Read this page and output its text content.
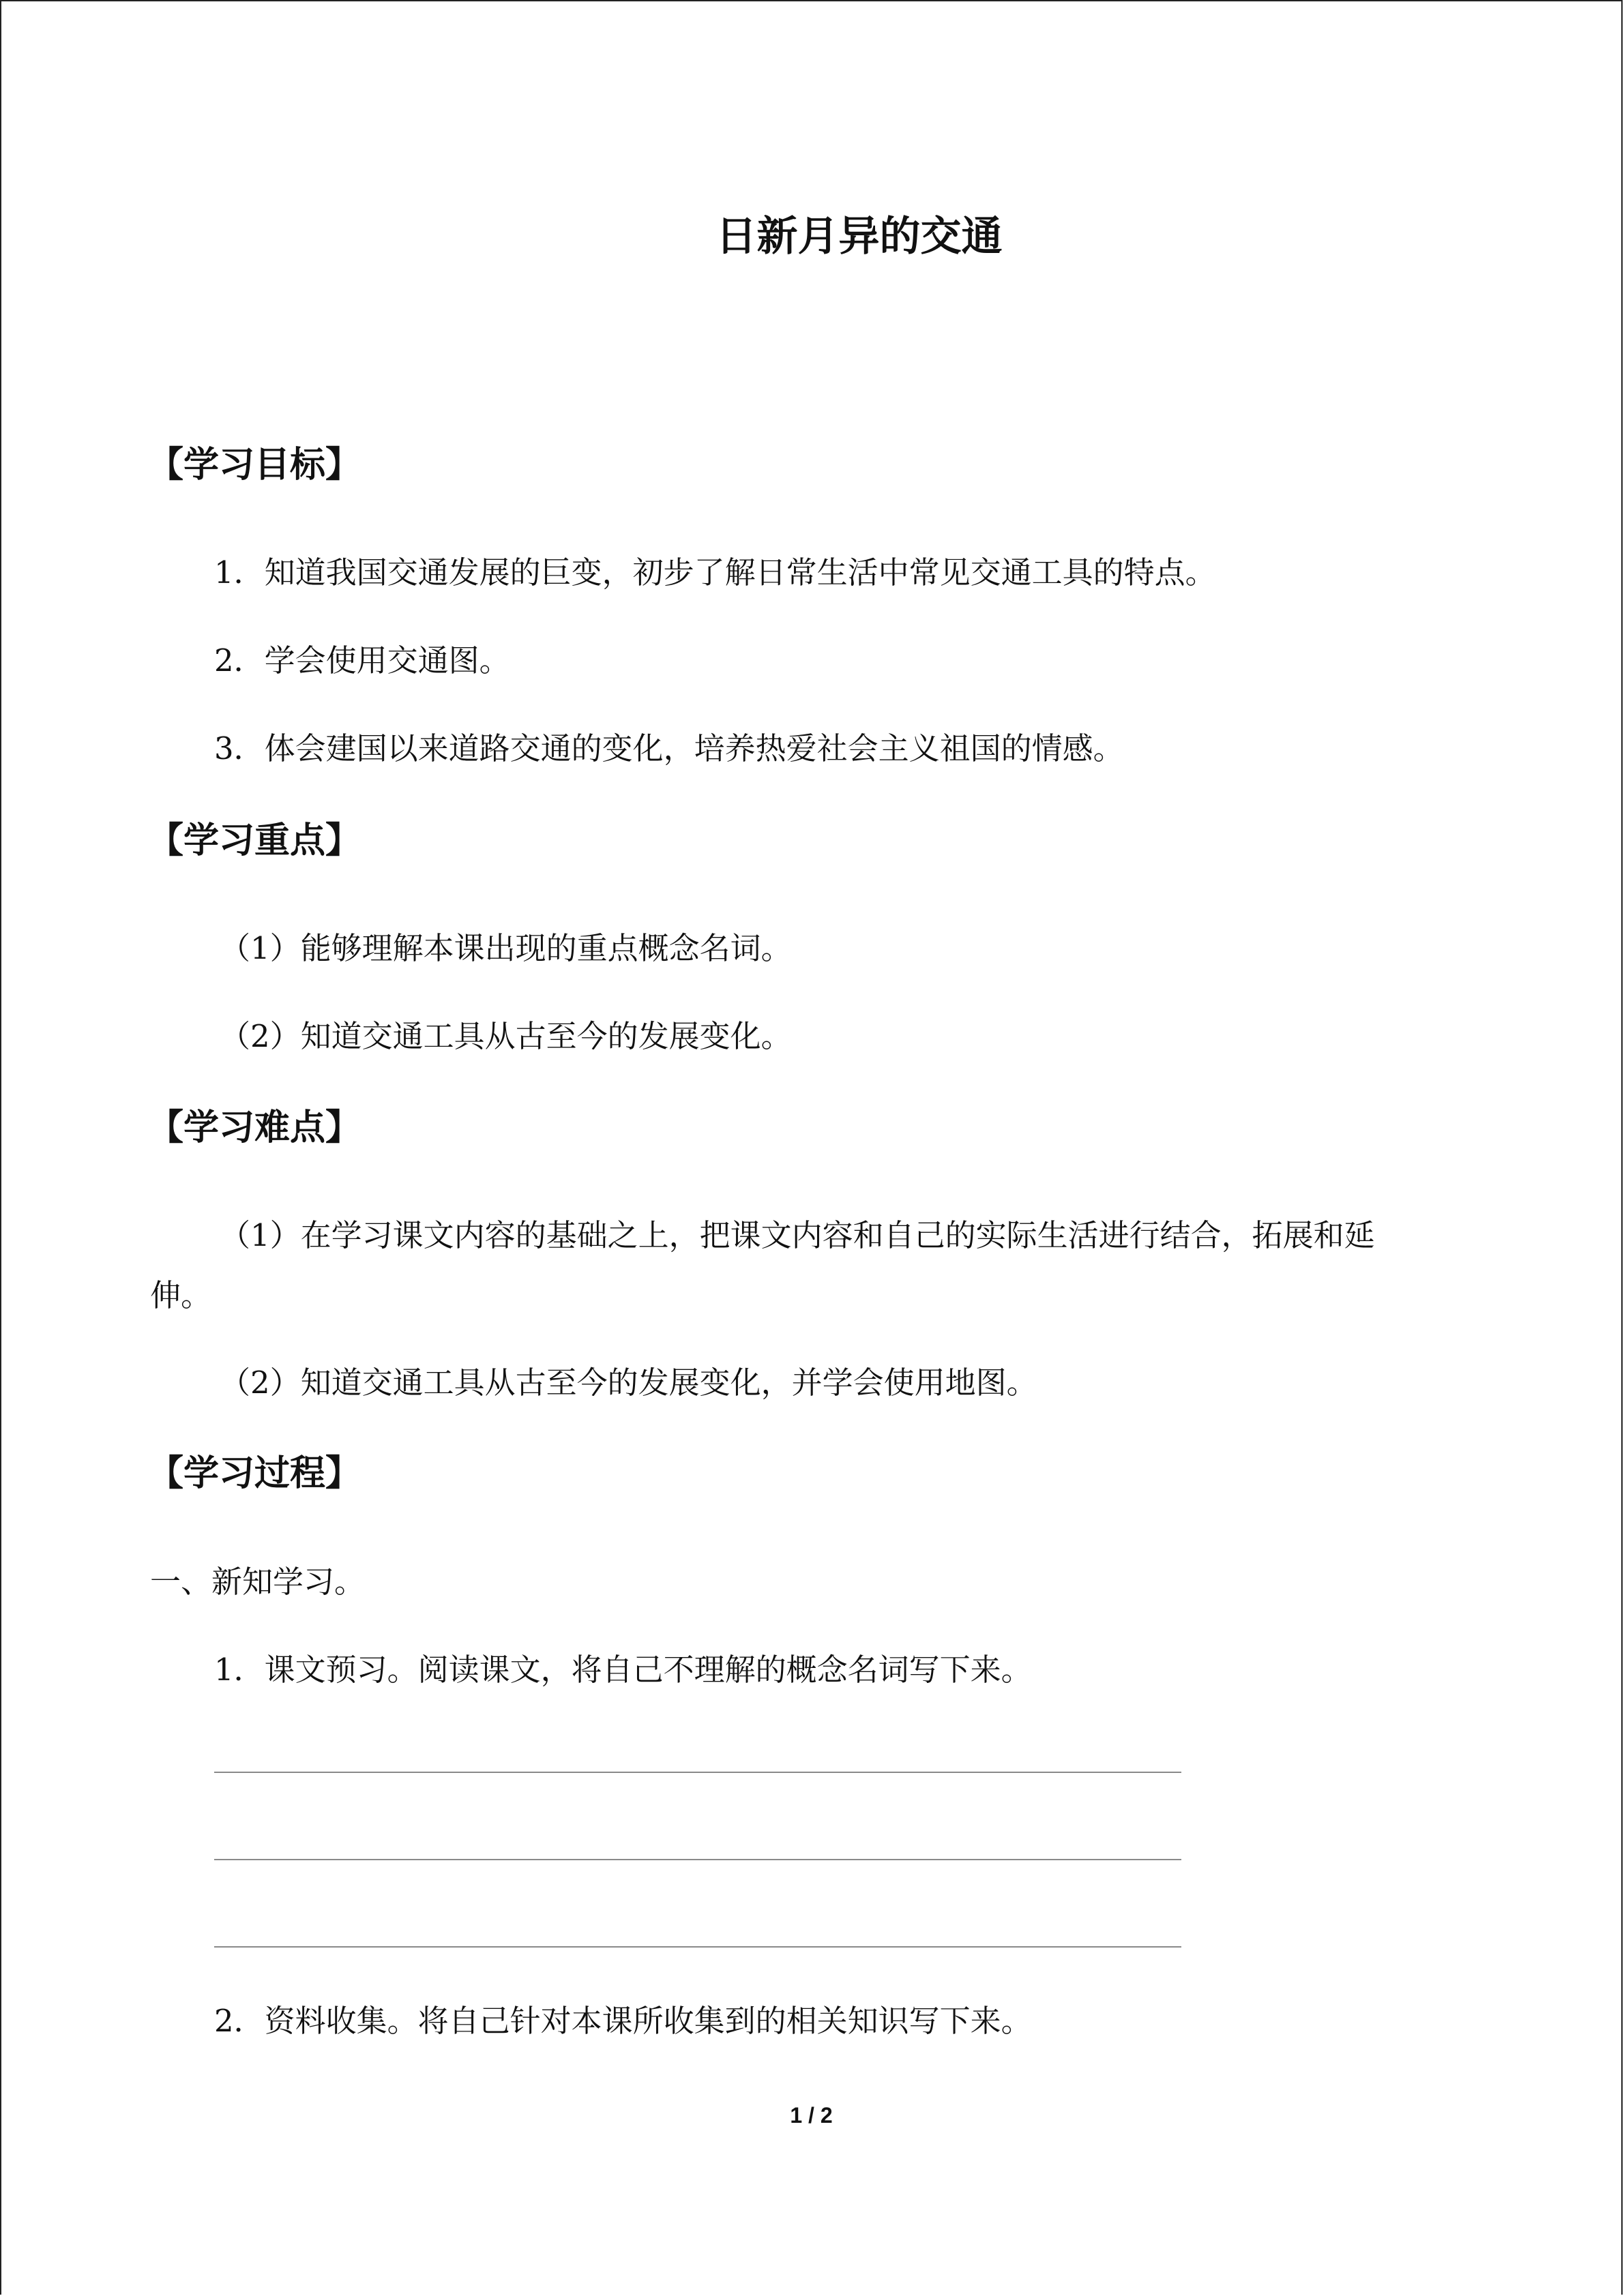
日新月异的交通
【学习目标】
1．知道我国交通发展的巨变，初步了解日常生活中常见交通工具的特点。
2．学会使用交通图。
3．体会建国以来道路交通的变化，培养热爱社会主义祖国的情感。
【学习重点】
（1）能够理解本课出现的重点概念名词。
（2）知道交通工具从古至今的发展变化。
【学习难点】
（1）在学习课文内容的基础之上，把课文内容和自己的实际生活进行结合，拓展和延
伸。
（2）知道交通工具从古至今的发展变化，并学会使用地图。
【学习过程】
一、新知学习。
1．课文预习。阅读课文，将自己不理解的概念名词写下来。
2．资料收集。将自己针对本课所收集到的相关知识写下来。
1 / 2
